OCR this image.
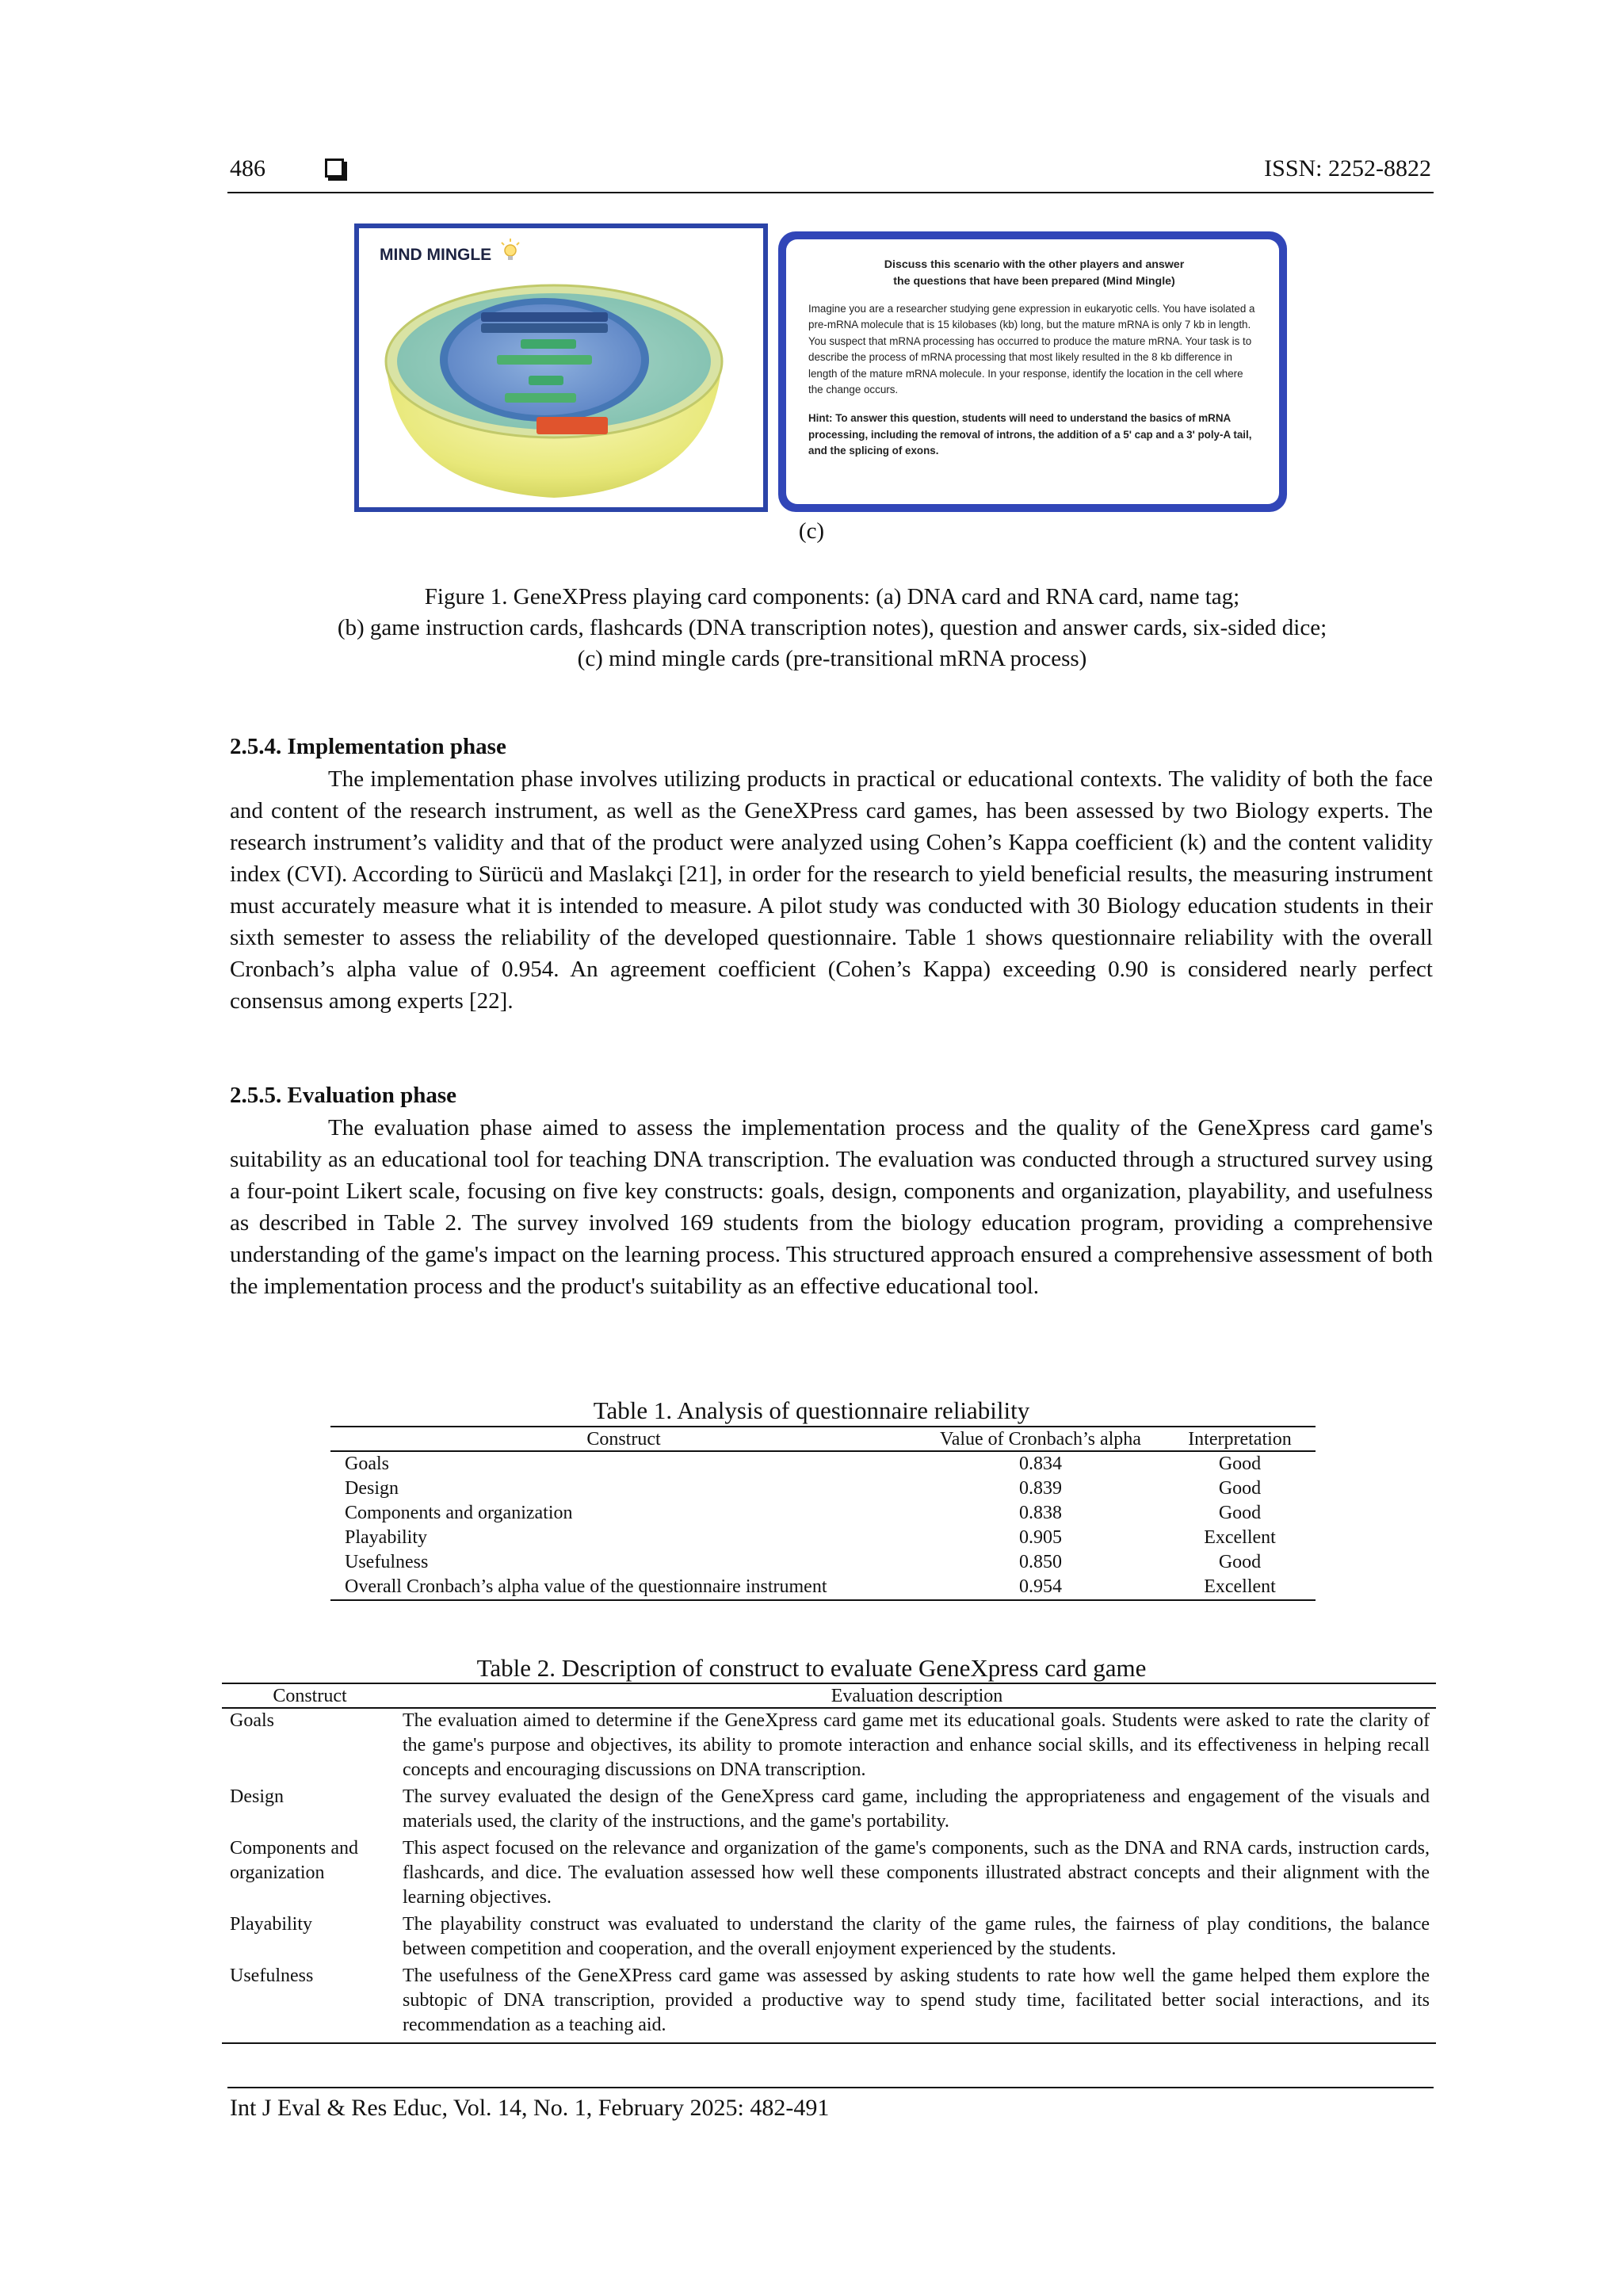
486	ISSN: 2252-8822
MIND MINGLE
Discuss this scenario with the other players and answer
the questions that have been prepared (Mind Mingle)

Imagine you are a researcher studying gene expression in eukaryotic cells. You have isolated a pre-mRNA molecule that is 15 kilobases (kb) long, but the mature mRNA is only 7 kb in length. You suspect that mRNA processing has occurred to produce the mature mRNA. Your task is to describe the process of mRNA processing that most likely resulted in the 8 kb difference in length of the mature mRNA molecule. In your response, identify the location in the cell where the change occurs.

Hint: To answer this question, students will need to understand the basics of mRNA processing, including the removal of introns, the addition of a 5' cap and a 3' poly-A tail, and the splicing of exons.

(c)
Figure 1. GeneXPress playing card components: (a) DNA card and RNA card, name tag;
(b) game instruction cards, flashcards (DNA transcription notes), question and answer cards, six-sided dice;
(c) mind mingle cards (pre-transitional mRNA process)
2.5.4. Implementation phase

The implementation phase involves utilizing products in practical or educational contexts. The validity of both the face and content of the research instrument, as well as the GeneXPress card games, has been assessed by two Biology experts. The research instrument’s validity and that of the product were analyzed using Cohen’s Kappa coefficient (k) and the content validity index (CVI). According to Sürücü and Maslakçi [21], in order for the research to yield beneficial results, the measuring instrument must accurately measure what it is intended to measure. A pilot study was conducted with 30 Biology education students in their sixth semester to assess the reliability of the developed questionnaire. Table 1 shows questionnaire reliability with the overall Cronbach’s alpha value of 0.954. An agreement coefficient (Cohen’s Kappa) exceeding 0.90 is considered nearly perfect consensus among experts [22].

2.5.5. Evaluation phase

The evaluation phase aimed to assess the implementation process and the quality of the GeneXpress card game's suitability as an educational tool for teaching DNA transcription. The evaluation was conducted through a structured survey using a four-point Likert scale, focusing on five key constructs: goals, design, components and organization, playability, and usefulness as described in Table 2. The survey involved 169 students from the biology education program, providing a comprehensive understanding of the game's impact on the learning process. This structured approach ensured a comprehensive assessment of both the implementation process and the product's suitability as an effective educational tool.

Table 1. Analysis of questionnaire reliability
Construct	Value of Cronbach’s alpha	Interpretation
Goals	0.834	Good
Design	0.839	Good
Components and organization	0.838	Good
Playability	0.905	Excellent
Usefulness	0.850	Good
Overall Cronbach’s alpha value of the questionnaire instrument	0.954	Excellent
Table 2. Description of construct to evaluate GeneXpress card game
Construct	Evaluation description
Goals	The evaluation aimed to determine if the GeneXpress card game met its educational goals. Students were asked to rate the clarity of the game's purpose and objectives, its ability to promote interaction and enhance social skills, and its effectiveness in helping recall concepts and encouraging discussions on DNA transcription.
Design	The survey evaluated the design of the GeneXpress card game, including the appropriateness and engagement of the visuals and materials used, the clarity of the instructions, and the game's portability.
Components and organization	This aspect focused on the relevance and organization of the game's components, such as the DNA and RNA cards, instruction cards, flashcards, and dice. The evaluation assessed how well these components illustrated abstract concepts and their alignment with the learning objectives.
Playability	The playability construct was evaluated to understand the clarity of the game rules, the fairness of play conditions, the balance between competition and cooperation, and the overall enjoyment experienced by the students.
Usefulness	The usefulness of the GeneXPress card game was assessed by asking students to rate how well the game helped them explore the subtopic of DNA transcription, provided a productive way to spend study time, facilitated better social interactions, and its recommendation as a teaching aid.
Int J Eval & Res Educ, Vol. 14, No. 1, February 2025: 482-491
